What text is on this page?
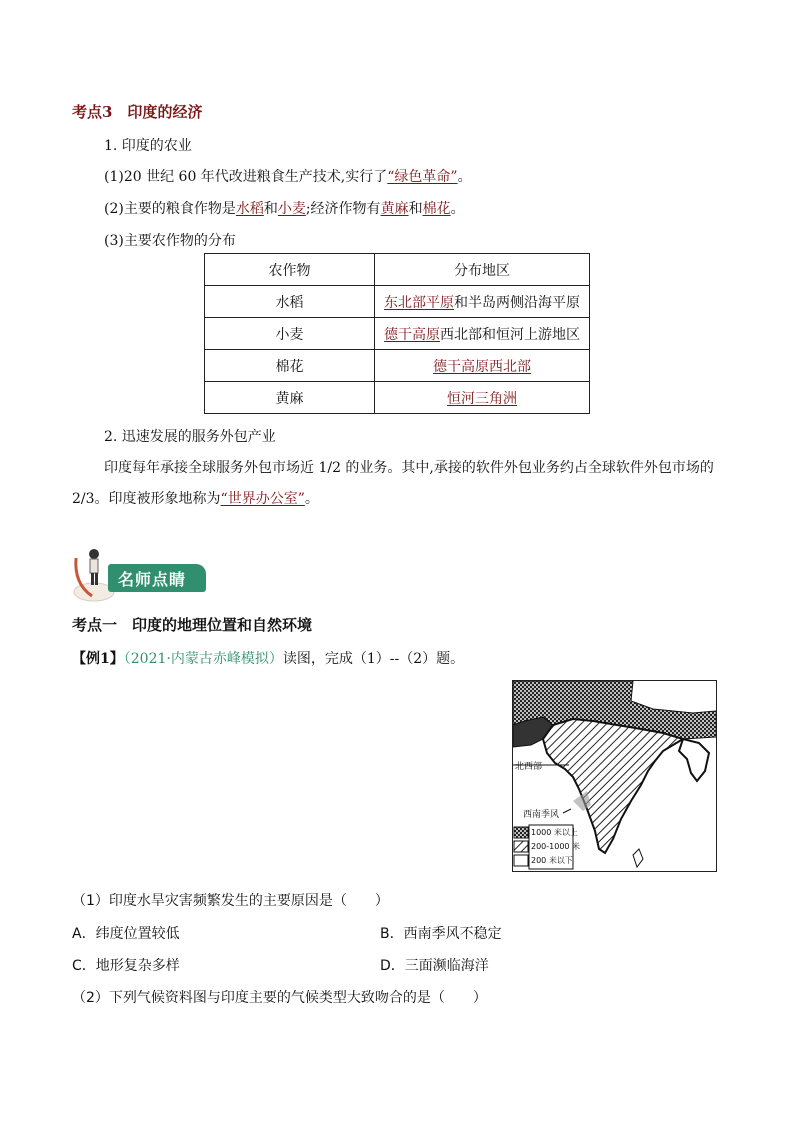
考点3　印度的经济
1. 印度的农业
(1)20 世纪 60 年代改进粮食生产技术,实行了“绿色革命”。
(2)主要的粮食作物是水稻和小麦;经济作物有黄麻和棉花。
(3)主要农作物的分布
农作物	分布地区
水稻	东北部平原和半岛两侧沿海平原
小麦	德干高原西北部和恒河上游地区
棉花	德干高原西北部
黄麻	恒河三角洲
2. 迅速发展的服务外包产业
印度每年承接全球服务外包市场近 1/2 的业务。其中,承接的软件外包业务约占全球软件外包市场的
2/3。印度被形象地称为“世界办公室”。
名师点睛
考点一　印度的地理位置和自然环境
【例1】（2021·内蒙古赤峰模拟）读图，完成（1）--（2）题。
北西部
西南季风
1000 米以上
200-1000 米
200 米以下
（1）印度水旱灾害频繁发生的主要原因是（　　）
A．纬度位置较低	B．西南季风不稳定
C．地形复杂多样	D．三面濒临海洋
（2）下列气候资料图与印度主要的气候类型大致吻合的是（　　）
